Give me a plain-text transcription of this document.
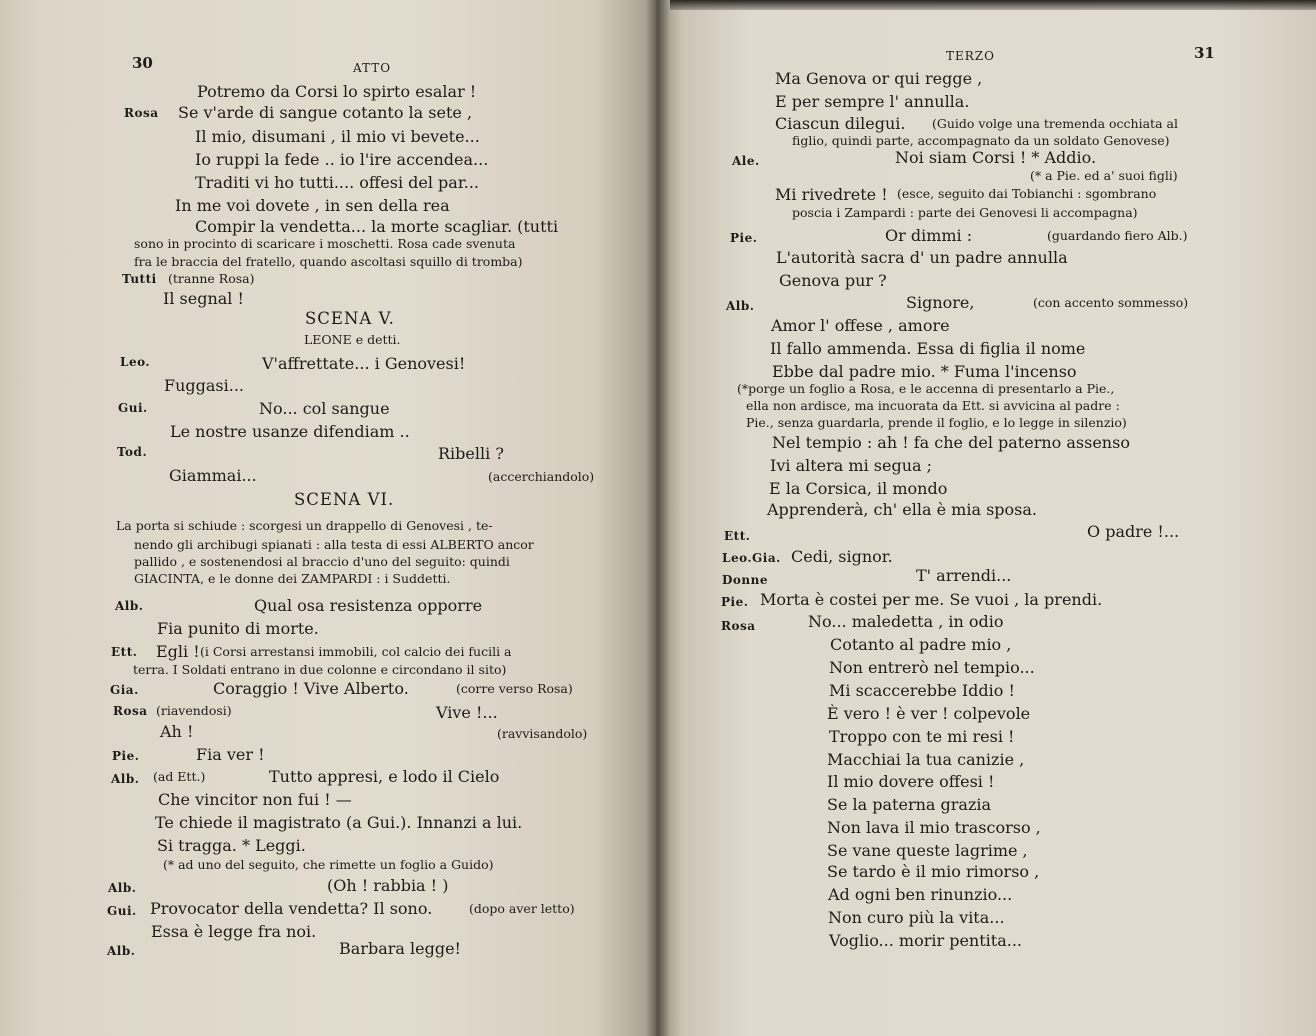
30	ATTO
Potremo da Corsi lo spirto esalar !
Rosa Se v'arde di sangue cotanto la sete ,
Il mio, disumani , il mio vi bevete...
Io ruppi la fede .. io l'ire accendea...
Traditi vi ho tutti.... offesi del par...
In me voi dovete , in sen della rea
Compir la vendetta... la morte scagliar. (tutti
sono in procinto di scaricare i moschetti. Rosa cade svenuta
fra le braccia del fratello, quando ascoltasi squillo di tromba)
Tutti (tranne Rosa)
Il segnal !
SCENA V.
LEONE e detti.
Leo.	V'affrettate... i Genovesi!
Fuggasi...
Gui.	No... col sangue
Le nostre usanze difendiam ..
Tod.	Ribelli ?
Giammai...	(accerchiandolo)
SCENA VI.
La porta si schiude : scorgesi un drappello di Genovesi , te-
nendo gli archibugi spianati : alla testa di essi ALBERTO ancor
pallido , e sostenendosi al braccio d'uno del seguito: quindi
GIACINTA, e le donne dei ZAMPARDI : i Suddetti.
Alb.	Qual osa resistenza opporre
Fia punito di morte.
Ett. Egli ! (i Corsi arrestansi immobili, col calcio dei fucili a
terra. I Soldati entrano in due colonne e circondano il sito)
Gia.	Coraggio ! Vive Alberto.	(corre verso Rosa)
Rosa (riavendosi)	Vive !...
Ah !	(ravvisandolo)
Pie.	Fia ver !
Alb. (ad Ett.)	Tutto appresi, e lodo il Cielo
Che vincitor non fui ! —
Te chiede il magistrato (a Gui.). Innanzi a lui.
Si tragga. * Leggi.
(* ad uno del seguito, che rimette un foglio a Guido)
Alb.	(Oh ! rabbia ! )
Gui. Provocator della vendetta? Il sono.	(dopo aver letto)
Essa è legge fra noi.
Alb.	Barbara legge!
TERZO	31
Ma Genova or qui regge ,
E per sempre l' annulla.
Ciascun dilegui. (Guido volge una tremenda occhiata al
figlio, quindi parte, accompagnato da un soldato Genovese)
Ale.	Noi siam Corsi ! * Addio.
(* a Pie. ed a' suoi figli)
Mi rivedrete ! (esce, seguito dai Tobianchi : sgombrano
poscia i Zampardi : parte dei Genovesi li accompagna)
Pie.	Or dimmi :	(guardando fiero Alb.)
L'autorità sacra d' un padre annulla
Genova pur ?
Alb.	Signore,	(con accento sommesso)
Amor l' offese , amore
Il fallo ammenda. Essa di figlia il nome
Ebbe dal padre mio. * Fuma l'incenso
(*porge un foglio a Rosa, e le accenna di presentarlo a Pie.,
ella non ardisce, ma incuorata da Ett. si avvicina al padre :
Pie., senza guardarla, prende il foglio, e lo legge in silenzio)
Nel tempio : ah ! fa che del paterno assenso
Ivi altera mi segua ;
E la Corsica, il mondo
Apprenderà, ch' ella è mia sposa.
Ett.	O padre !...
Leo.Gia. Cedi, signor.
Donne	T' arrendi...
Pie. Morta è costei per me. Se vuoi , la prendi.
Rosa	No... maledetta , in odio
Cotanto al padre mio ,
Non entrerò nel tempio...
Mi scaccerebbe Iddio !
È vero ! è ver ! colpevole
Troppo con te mi resi !
Macchiai la tua canizie ,
Il mio dovere offesi !
Se la paterna grazia
Non lava il mio trascorso ,
Se vane queste lagrime ,
Se tardo è il mio rimorso ,
Ad ogni ben rinunzio...
Non curo più la vita...
Voglio... morir pentita...
